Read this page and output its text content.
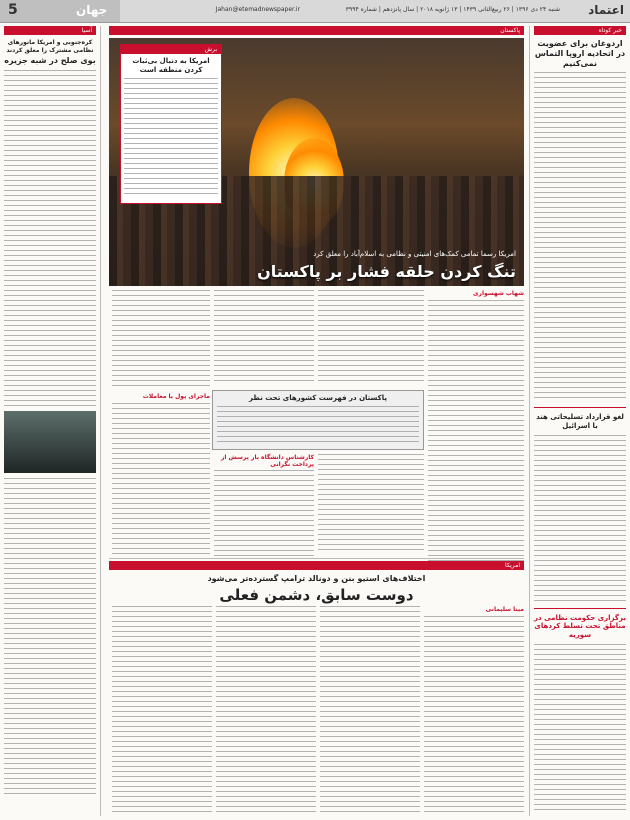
اعتماد
شنبه ۲۴ دی ۱۳۹۶ | ۲۶ ربیع‌الثانی ۱۴۳۹ | ۱۳ ژانویه ۲۰۱۸ | سال پانزدهم | شماره ۳۹۹۴
Jahan@etemadnewspaper.ir
جهان
5
خبر کوتاه
اردوغان برای عضویت در اتحادیه اروپا التماس نمی‌کنیم
لغو قرارداد تسلیحاتی هند با اسرائیل
برگزاری حکومت نظامی در مناطق تحت تسلط کردهای سوریه
پاکستان
امریکا رسما تمامی کمک‌های امنیتی و نظامی به اسلام‌آباد را معلق کرد
تنگ کردن حلقه فشار بر پاکستان
برش
امریکا به دنبال بی‌ثبات کردن منطقه است
شهاب شهسواری
پاکستان در فهرست کشورهای تحت نظر
کارشناس دانشگاه بار پرسش از پرداخت نگرانی
ماجرای پول یا معاملات
امریکا
اختلاف‌های استیو بنن و دونالد ترامپ گسترده‌تر می‌شود
دوست سابق، دشمن فعلی
مینا سلیمانی
آسیا
کره‌جنوبی و امریکا مانورهای نظامی مشترک را معلق کردند
بوی صلح در شبه جزیره
